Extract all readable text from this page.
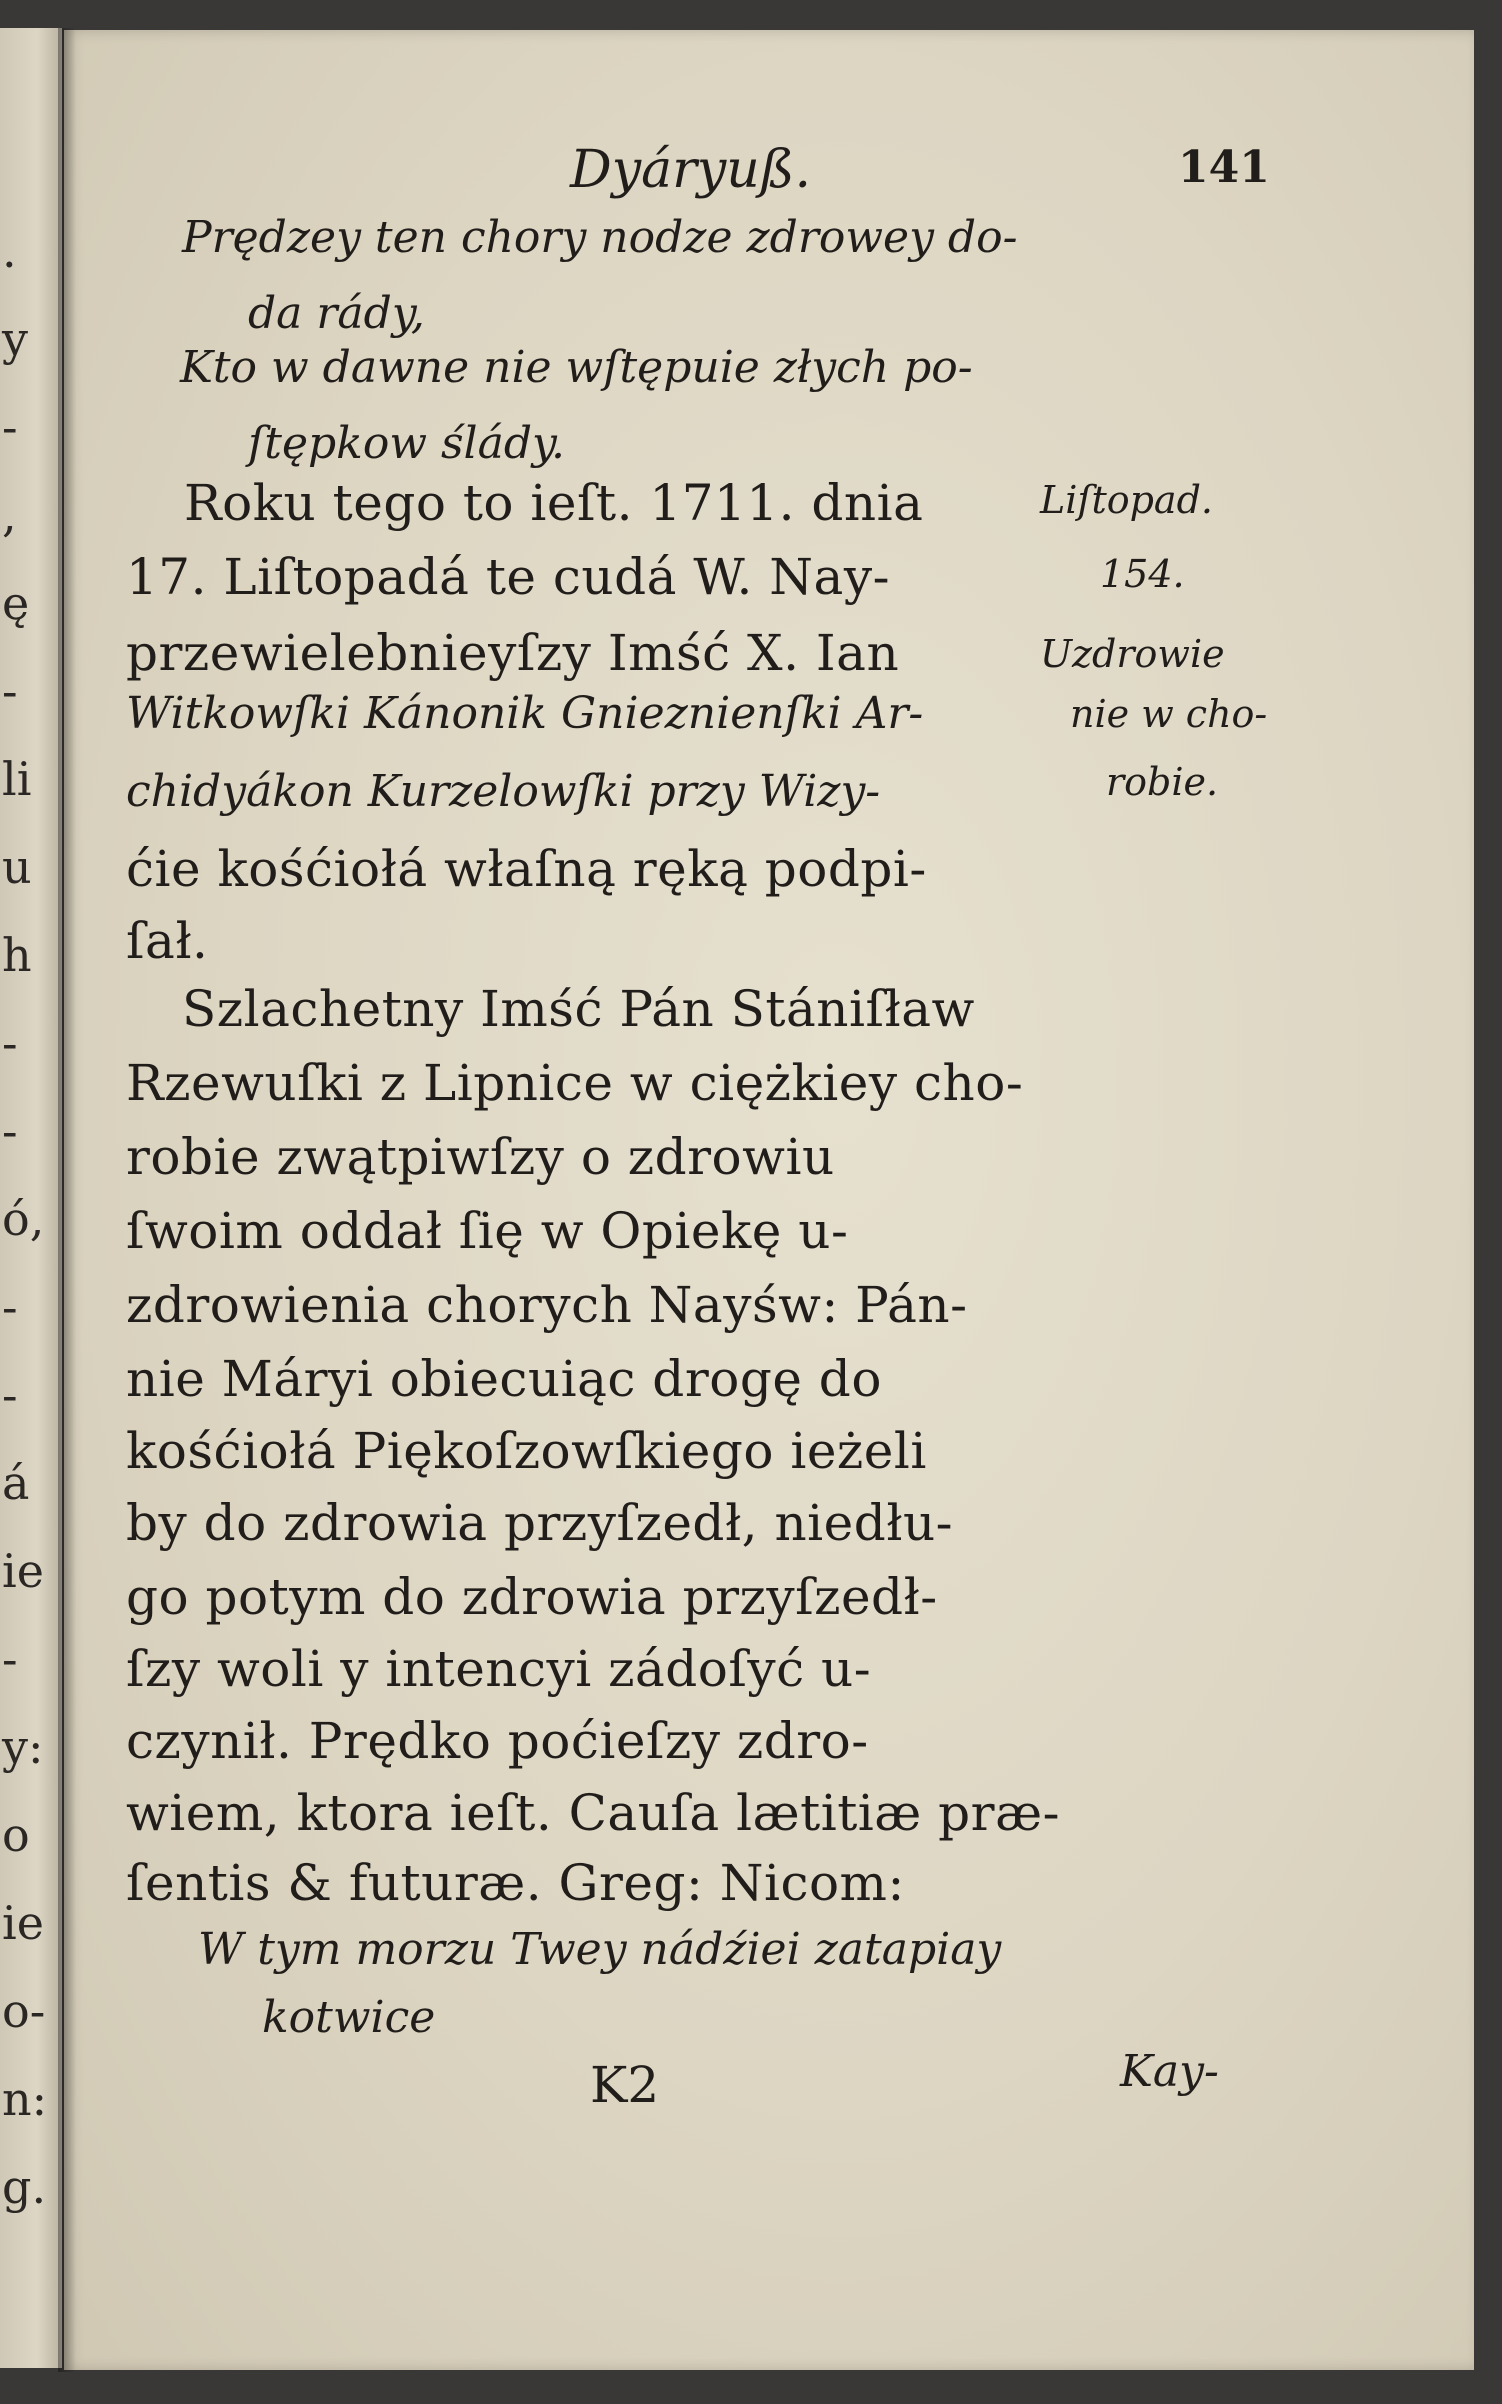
.
y
-
,
ę
-
li
u
h
-
-
ó,
-
-
á
ie
-
y:
o
ie
o-
n:
g.
Dyáryuß.	141
Prędzey ten chory nodze zdrowey do-
da rády,
Kto w dawne nie wſtępuie złych po-
ſtępkow ślády.
Roku tego to ieſt. 1711. dnia
17. Liſtopadá te cudá W. Nay-
przewielebnieyſzy Imść X. Ian
Witkowſki Kánonik Gnieznienſki Ar-
chidyákon Kurzelowſki przy Wizy-
ćie kośćiołá właſną ręką podpi-
ſał.
Liſtopad.
154.
Uzdrowie
nie w cho-
robie.
Szlachetny Imść Pán Stániſław
Rzewuſki z Lipnice w ciężkiey cho-
robie zwątpiwſzy o zdrowiu
ſwoim oddał ſię w Opiekę u-
zdrowienia chorych Nayśw: Pán-
nie Máryi obiecuiąc drogę do
kośćiołá Piękoſzowſkiego ieżeli
by do zdrowia przyſzedł, niedłu-
go potym do zdrowia przyſzedł-
ſzy woli y intencyi zádoſyć u-
czynił. Prędko poćieſzy zdro-
wiem, ktora ieſt. Cauſa lætitiæ præ-
ſentis & futuræ. Greg: Nicom:
W tym morzu Twey nádźiei zatapiay
kotwice
K2	Kay-
